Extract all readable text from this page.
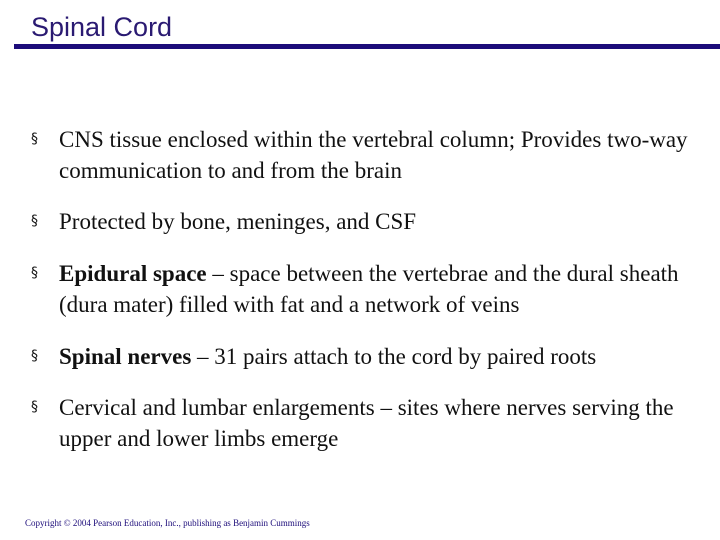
Spinal Cord
§ CNS tissue enclosed within the vertebral column; Provides two-way communication to and from the brain
§ Protected by bone, meninges, and CSF
§ Epidural space – space between the vertebrae and the dural sheath (dura mater) filled with fat and a network of veins
§ Spinal nerves – 31 pairs attach to the cord by paired roots
§ Cervical and lumbar enlargements – sites where nerves serving the upper and lower limbs emerge
Copyright © 2004 Pearson Education, Inc., publishing as Benjamin Cummings
